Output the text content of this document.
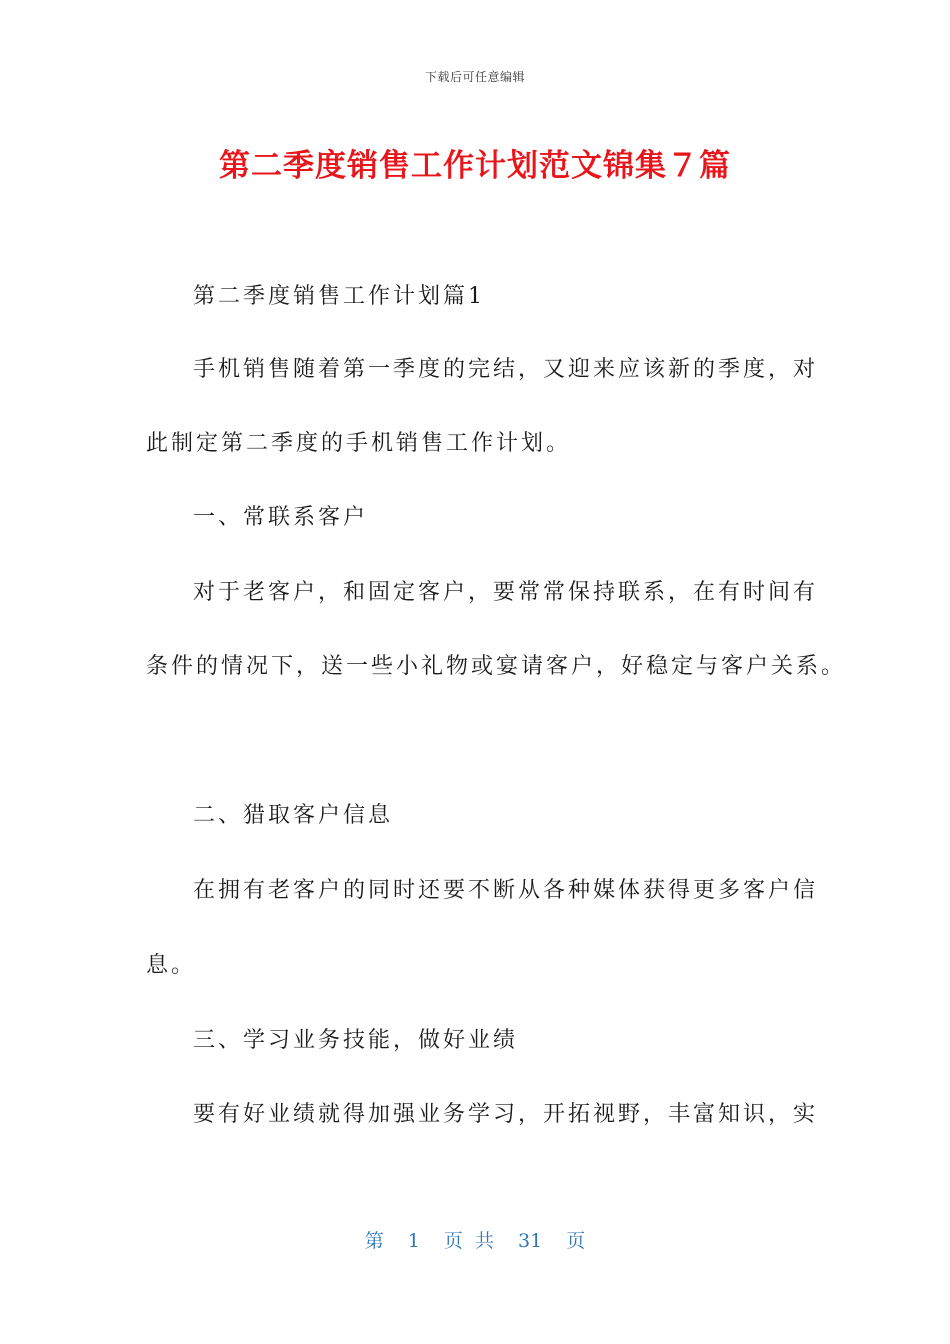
下载后可任意编辑
第二季度销售工作计划范文锦集７篇
第二季度销售工作计划篇1
手机销售随着第一季度的完结，又迎来应该新的季度，对
此制定第二季度的手机销售工作计划。
一、常联系客户
对于老客户，和固定客户，要常常保持联系，在有时间有
条件的情况下，送一些小礼物或宴请客户，好稳定与客户关系。
二、猎取客户信息
在拥有老客户的同时还要不断从各种媒体获得更多客户信
息。
三、学习业务技能，做好业绩
要有好业绩就得加强业务学习，开拓视野，丰富知识，实
第 1 页 共 31 页
